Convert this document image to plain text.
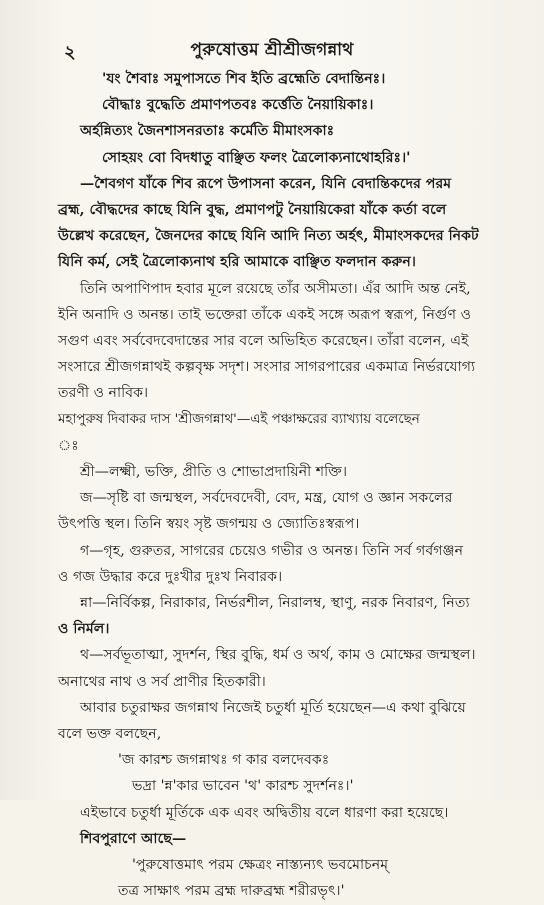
২	পুরুষোত্তম শ্রীশ্রীজগন্নাথ
'যং শৈবাঃ সমুপাসতে শিব ইতি ব্রহ্মেতি বেদান্তিনঃ।
বৌদ্ধাঃ বুদ্ধেতি প্রমাণপতবঃ কর্ত্তেতি নৈয়ায়িকাঃ।
অর্হন্নিত্যং জৈনশাসনরতাঃ কর্মেতি মীমাংসকাঃ
সোহয়ং বো বিদধাতু বাঞ্ছিত ফলং ত্রৈলোক্যনাথোহরিঃ।'
—শৈবগণ যাঁকে শিব রূপে উপাসনা করেন, যিনি বেদান্তিকদের পরম
ব্রহ্ম, বৌদ্ধদের কাছে যিনি বুদ্ধ, প্রমাণপটু নৈয়ায়িকেরা যাঁকে কর্তা বলে
উল্লেখ করেছেন, জৈনদের কাছে যিনি আদি নিত্য অর্হৎ, মীমাংসকদের নিকট
যিনি কর্ম, সেই ত্রৈলোক্যনাথ হরি আমাকে বাঞ্ছিত ফলদান করুন।
তিনি অপাণিপাদ হবার মূলে রয়েছে তাঁর অসীমতা। এঁর আদি অন্ত নেই,
ইনি অনাদি ও অনন্ত। তাই ভক্তেরা তাঁকে একই সঙ্গে অরূপ স্বরূপ, নির্গুণ ও
সগুণ এবং সর্ববেদবেদান্তের সার বলে অভিহিত করেছেন। তাঁরা বলেন, এই
সংসারে শ্রীজগন্নাথই কল্পবৃক্ষ সদৃশ। সংসার সাগরপারের একমাত্র নির্ভরযোগ্য
তরণী ও নাবিক।
মহাপুরুষ দিবাকর দাস 'শ্রীজগন্নাথ'—এই পঞ্চাক্ষরের ব্যাখ্যায় বলেছেন
ঃ
শ্রী—লক্ষ্মী, ভক্তি, প্রীতি ও শোভাপ্রদায়িনী শক্তি।
জ—সৃষ্টি বা জন্মস্থল, সর্বদেবদেবী, বেদ, মন্ত্র, যোগ ও জ্ঞান সকলের
উৎপত্তি স্থল। তিনি স্বয়ং সৃষ্ট জগন্ময় ও জ্যোতিঃস্বরূপ।
গ—গৃহ, গুরুতর, সাগরের চেয়েও গভীর ও অনন্ত। তিনি সর্ব গর্বগঞ্জন
ও গজ উদ্ধার করে দুঃখীর দুঃখ নিবারক।
ন্না—নির্বিকল্প, নিরাকার, নির্ভরশীল, নিরালম্ব, স্থাণু, নরক নিবারণ, নিত্য
ও নির্মল।
থ—সর্বভূতাত্মা, সুদর্শন, স্থির বুদ্ধি, ধর্ম ও অর্থ, কাম ও মোক্ষের জন্মস্থল।
অনাথের নাথ ও সর্ব প্রাণীর হিতকারী।
আবার চতুরাক্ষর জগন্নাথ নিজেই চতুর্ধা মূর্তি হয়েছেন—এ কথা বুঝিয়ে
বলে ভক্ত বলছেন,
'জ কারশ্চ জগন্নাথঃ গ কার বলদেবকঃ
ভদ্রা 'ন্ন'কার ভাবেন 'থ' কারশ্চ সুদর্শনঃ।'
এইভাবে চতুর্ধা মূর্তিকে এক এবং অদ্বিতীয় বলে ধারণা করা হয়েছে।
শিবপুরাণে আছে—
'পুরুষোত্তমাৎ পরম ক্ষেত্রং নাস্ত্যন্যৎ ভবমোচনম্‌
তত্র সাক্ষাৎ পরম ব্রহ্ম দারুব্রহ্ম শরীরভৃৎ।'
